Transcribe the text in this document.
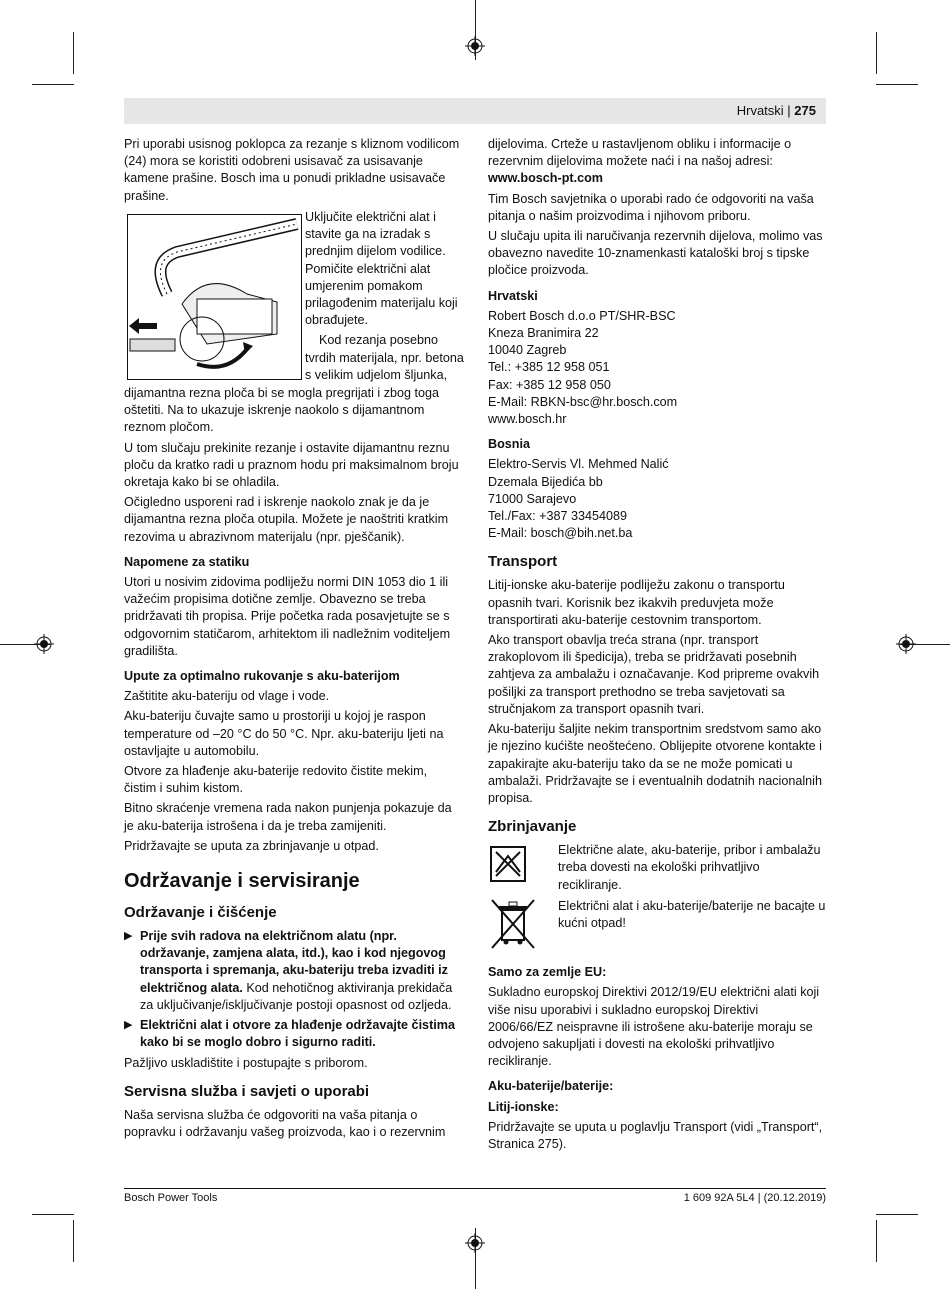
Hrvatski | 275

Pri uporabi usisnog poklopca za rezanje s kliznom vodilicom (24) mora se koristiti odobreni usisavač za usisavanje kamene prašine. Bosch ima u ponudi prikladne usisavače prašine.

Uključite električni alat i stavite ga na izradak s prednjim dijelom vodilice. Pomičite električni alat umjerenim pomakom prilagođenim materijalu koji obrađujete.

Kod rezanja posebno tvrdih materijala, npr. betona s velikim udjelom šljunka,

dijamantna rezna ploča bi se mogla pregrijati i zbog toga oštetiti. Na to ukazuje iskrenje naokolo s dijamantnom reznom pločom.

U tom slučaju prekinite rezanje i ostavite dijamantnu reznu ploču da kratko radi u praznom hodu pri maksimalnom broju okretaja kako bi se ohladila.

Očigledno usporeni rad i iskrenje naokolo znak je da je dijamantna rezna ploča otupila. Možete je naoštriti kratkim rezovima u abrazivnom materijalu (npr. pješčanik).

Napomene za statiku

Utori u nosivim zidovima podliježu normi DIN 1053 dio 1 ili važećim propisima dotične zemlje. Obavezno se treba pridržavati tih propisa. Prije početka rada posavjetujte se s odgovornim statičarom, arhitektom ili nadležnim voditeljem gradilišta.

Upute za optimalno rukovanje s aku-baterijom

Zaštitite aku-bateriju od vlage i vode.

Aku-bateriju čuvajte samo u prostoriji u kojoj je raspon temperature od –20 °C do 50 °C. Npr. aku-bateriju ljeti na ostavljajte u automobilu.

Otvore za hlađenje aku-baterije redovito čistite mekim, čistim i suhim kistom.

Bitno skraćenje vremena rada nakon punjenja pokazuje da je aku-baterija istrošena i da je treba zamijeniti.

Pridržavajte se uputa za zbrinjavanje u otpad.

Održavanje i servisiranje

Održavanje i čišćenje

▶ Prije svih radova na električnom alatu (npr. održavanje, zamjena alata, itd.), kao i kod njegovog transporta i spremanja, aku-bateriju treba izvaditi iz električnog alata. Kod nehotičnog aktiviranja prekidača za uključivanje/isključivanje postoji opasnost od ozljeda.

▶ Električni alat i otvore za hlađenje održavajte čistima kako bi se moglo dobro i sigurno raditi.

Pažljivo uskladištite i postupajte s priborom.

Servisna služba i savjeti o uporabi

Naša servisna služba će odgovoriti na vaša pitanja o popravku i održavanju vašeg proizvoda, kao i o rezervnim

dijelovima. Crteže u rastavljenom obliku i informacije o rezervnim dijelovima možete naći i na našoj adresi:
www.bosch-pt.com

Tim Bosch savjetnika o uporabi rado će odgovoriti na vaša pitanja o našim proizvodima i njihovom priboru.

U slučaju upita ili naručivanja rezervnih dijelova, molimo vas obavezno navedite 10-znamenkasti kataloški broj s tipske pločice proizvoda.

Hrvatski

Robert Bosch d.o.o PT/SHR-BSC
Kneza Branimira 22
10040 Zagreb
Tel.: +385 12 958 051
Fax: +385 12 958 050
E-Mail: RBKN-bsc@hr.bosch.com
www.bosch.hr

Bosnia

Elektro-Servis Vl. Mehmed Nalić
Dzemala Bijedića bb
71000 Sarajevo
Tel./Fax: +387 33454089
E-Mail: bosch@bih.net.ba

Transport

Litij-ionske aku-baterije podliježu zakonu o transportu opasnih tvari. Korisnik bez ikakvih preduvjeta može transportirati aku-baterije cestovnim transportom.

Ako transport obavlja treća strana (npr. transport zrakoplovom ili špedicija), treba se pridržavati posebnih zahtjeva za ambalažu i označavanje. Kod pripreme ovakvih pošiljki za transport prethodno se treba savjetovati sa stručnjakom za transport opasnih tvari.

Aku-bateriju šaljite nekim transportnim sredstvom samo ako je njezino kućište neoštećeno. Oblijepite otvorene kontakte i zapakirajte aku-bateriju tako da se ne može pomicati u ambalaži. Pridržavajte se i eventualnih dodatnih nacionalnih propisa.

Zbrinjavanje

Električne alate, aku-baterije, pribor i ambalažu treba dovesti na ekološki prihvatljivo recikliranje.

Električni alat i aku-baterije/baterije ne bacajte u kućni otpad!

Samo za zemlje EU:

Sukladno europskoj Direktivi 2012/19/EU električni alati koji više nisu uporabivi i sukladno europskoj Direktivi 2006/66/EZ neispravne ili istrošene aku-baterije moraju se odvojeno sakupljati i dovesti na ekološki prihvatljivo recikliranje.

Aku-baterije/baterije:

Litij-ionske:

Pridržavajte se uputa u poglavlju Transport (vidi „Transport“, Stranica 275).

Bosch Power Tools	1 609 92A 5L4 | (20.12.2019)
